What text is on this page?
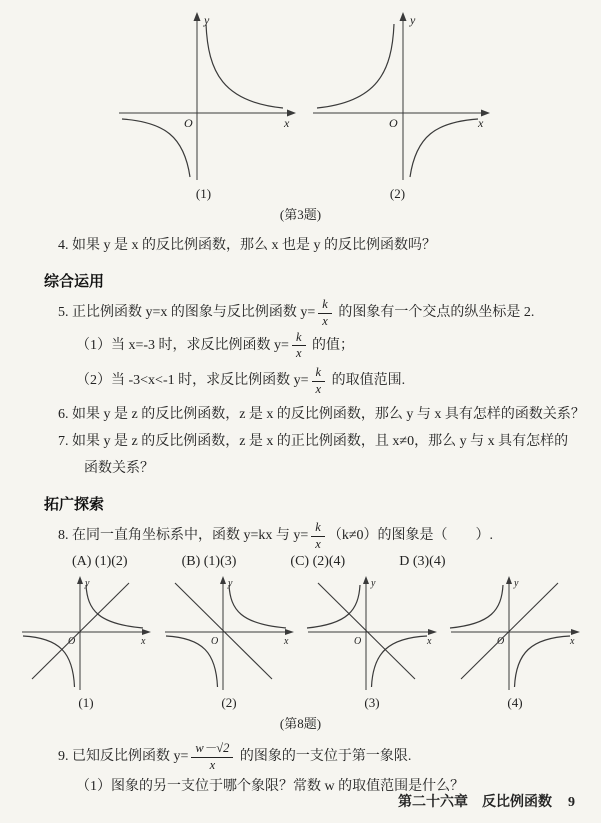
y
x
O
(1)
y
x
O
(2)
(第3题)

4. 如果 y 是 x 的反比例函数，那么 x 也是 y 的反比例函数吗？

综合运用

5. 正比例函数 y=x 的图象与反比例函数 $y= \frac{k}{x}$ 的图象有一个交点的纵坐标是 2.

（1）当 x=-3 时，求反比例函数 $y= \frac{k}{x}$ 的值；

（2）当 -3<x<-1 时，求反比例函数 $y= \frac{k}{x}$ 的取值范围.

6. 如果 y 是 z 的反比例函数，z 是 x 的反比例函数，那么 y 与 x 具有怎样的函数关系？

7. 如果 y 是 z 的反比例函数，z 是 x 的正比例函数，且 x≠0，那么 y 与 x 具有怎样的

函数关系？

拓广探索

8. 在同一直角坐标系中，函数 y=kx 与 $y= \frac{k}{x} (k\ne 0)$的图象是（　　）.

(A) (1)(2)	(B) (1)(3)	(C) (2)(4)	D (3)(4)
y
x
O
(1)
y
x
O
(2)
y
x
O
(3)
y
x
O
(4)
(第8题)

9. 已知反比例函数 $y= \frac{w-√2}{x}$ 的图象的一支位于第一象限.

（1）图象的另一支位于哪个象限？常数 w 的取值范围是什么？

第二十六章　反比例函数 9
